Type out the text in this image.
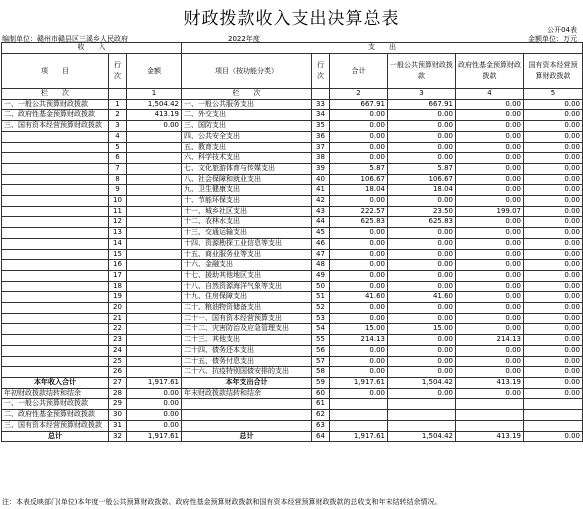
财政拨款收入支出决算总表
公开04表
编制单位：赣州市赣县区三溪乡人民政府	2022年度	金额单位：万元
收　　入			支　　出					
项　　目	行次	金额	项目（按功能分类）	行次	合计	一般公共预算财政拨款	政府性基金预算财政拨款	国有资本经营预算财政拨款
栏　　次		1	栏　　次		2	3	4	5
一、一般公共预算财政拨款	1	1,504.42	一、一般公共服务支出	33	667.91	667.91	0.00	0.00
二、政府性基金预算财政拨款	2	413.19	二、外交支出	34	0.00	0.00	0.00	0.00
三、国有资本经营预算财政拨款	3	0.00	三、国防支出	35	0.00	0.00	0.00	0.00
	4		四、公共安全支出	36	0.00	0.00	0.00	0.00
	5		五、教育支出	37	0.00	0.00	0.00	0.00
	6		六、科学技术支出	38	0.00	0.00	0.00	0.00
	7		七、文化旅游体育与传媒支出	39	5.87	5.87	0.00	0.00
	8		八、社会保障和就业支出	40	106.67	106.67	0.00	0.00
	9		九、卫生健康支出	41	18.04	18.04	0.00	0.00
	10		十、节能环保支出	42	0.00	0.00	0.00	0.00
	11		十一、城乡社区支出	43	222.57	23.50	199.07	0.00
	12		十二、农林水支出	44	625.83	625.83	0.00	0.00
	13		十三、交通运输支出	45	0.00	0.00	0.00	0.00
	14		十四、资源勘探工业信息等支出	46	0.00	0.00	0.00	0.00
	15		十五、商业服务业等支出	47	0.00	0.00	0.00	0.00
	16		十六、金融支出	48	0.00	0.00	0.00	0.00
	17		十七、援助其他地区支出	49	0.00	0.00	0.00	0.00
	18		十八、自然资源海洋气象等支出	50	0.00	0.00	0.00	0.00
	19		十九、住房保障支出	51	41.60	41.60	0.00	0.00
	20		二十、粮油物资储备支出	52	0.00	0.00	0.00	0.00
	21		二十一、国有资本经营预算支出	53	0.00	0.00	0.00	0.00
	22		二十二、灾害防治及应急管理支出	54	15.00	15.00	0.00	0.00
	23		二十三、其他支出	55	214.13	0.00	214.13	0.00
	24		二十四、债务还本支出	56	0.00	0.00	0.00	0.00
	25		二十五、债务付息支出	57	0.00	0.00	0.00	0.00
	26		二十六、抗疫特别国债安排的支出	58	0.00	0.00	0.00	0.00
本年收入合计	27	1,917.61	本年支出合计	59	1,917.61	1,504.42	413.19	0.00
年初财政拨款结转和结余	28	0.00	年末财政拨款结转和结余	60	0.00	0.00	0.00	0.00
一、一般公共预算财政拨款	29	0.00		61				
二、政府性基金预算财政拨款	30	0.00		62				
三、国有资本经营预算财政拨款	31	0.00		63				
总计	32	1,917.61	总计	64	1,917.61	1,504.42	413.19	0.00
注：本表反映部门(单位)本年度一般公共预算财政拨款、政府性基金预算财政拨款和国有资本经营预算财政拨款的总收支和年末结转结余情况。
